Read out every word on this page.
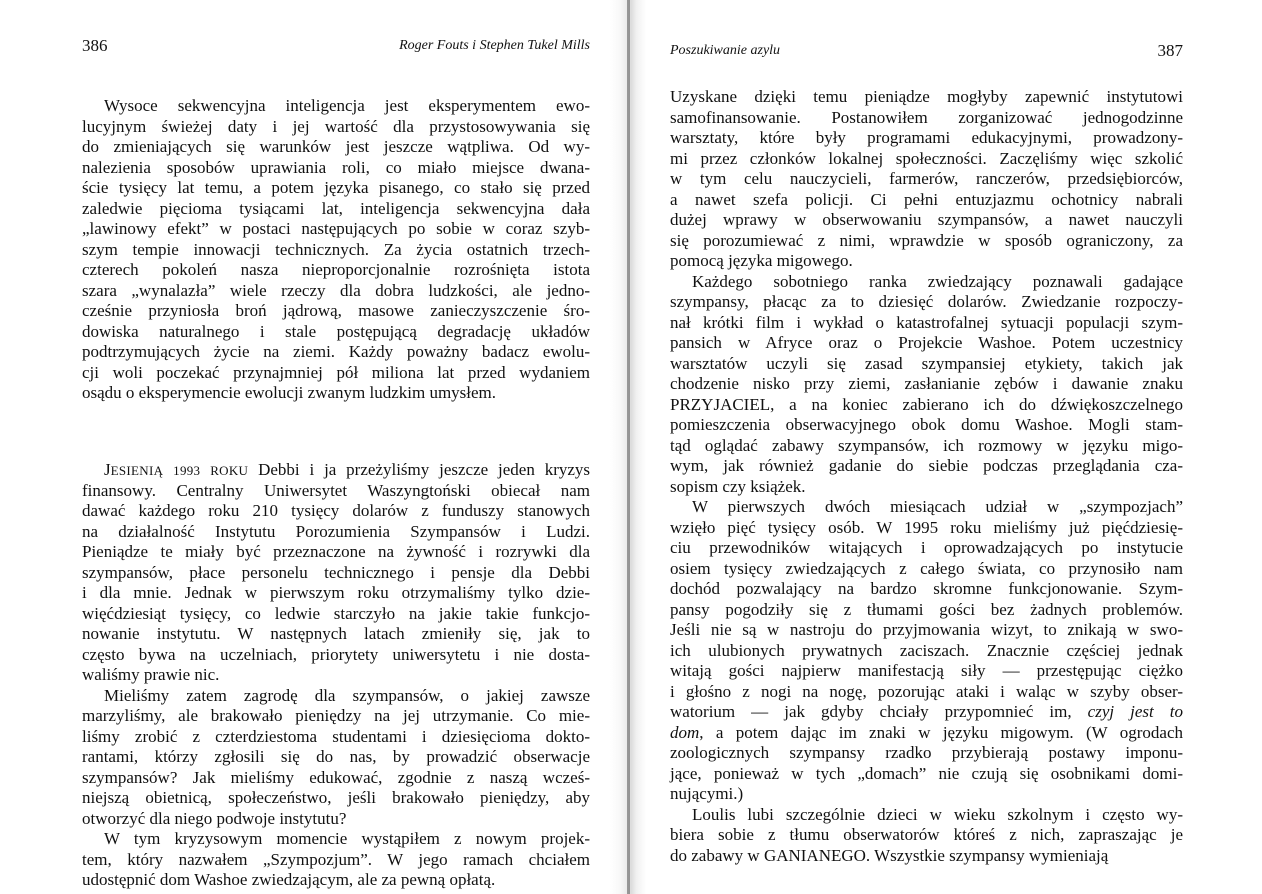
386	Roger Fouts i Stephen Tukel Mills
Wysoce sekwencyjna inteligencja jest eksperymentem ewo-
lucyjnym świeżej daty i jej wartość dla przystosowywania się
do zmieniających się warunków jest jeszcze wątpliwa. Od wy-
nalezienia sposobów uprawiania roli, co miało miejsce dwana-
ście tysięcy lat temu, a potem języka pisanego, co stało się przed
zaledwie pięcioma tysiącami lat, inteligencja sekwencyjna dała
„lawinowy efekt” w postaci następujących po sobie w coraz szyb-
szym tempie innowacji technicznych. Za życia ostatnich trzech-
czterech pokoleń nasza nieproporcjonalnie rozrośnięta istota
szara „wynalazła” wiele rzeczy dla dobra ludzkości, ale jedno-
cześnie przyniosła broń jądrową, masowe zanieczyszczenie śro-
dowiska naturalnego i stale postępującą degradację układów
podtrzymujących życie na ziemi. Każdy poważny badacz ewolu-
cji woli poczekać przynajmniej pół miliona lat przed wydaniem
osądu o eksperymencie ewolucji zwanym ludzkim umysłem.
JESIENIĄ 1993 ROKU Debbi i ja przeżyliśmy jeszcze jeden kryzys
finansowy. Centralny Uniwersytet Waszyngtoński obiecał nam
dawać każdego roku 210 tysięcy dolarów z funduszy stanowych
na działalność Instytutu Porozumienia Szympansów i Ludzi.
Pieniądze te miały być przeznaczone na żywność i rozrywki dla
szympansów, płace personelu technicznego i pensje dla Debbi
i dla mnie. Jednak w pierwszym roku otrzymaliśmy tylko dzie-
więćdziesiąt tysięcy, co ledwie starczyło na jakie takie funkcjo-
nowanie instytutu. W następnych latach zmieniły się, jak to
często bywa na uczelniach, priorytety uniwersytetu i nie dosta-
waliśmy prawie nic.
Mieliśmy zatem zagrodę dla szympansów, o jakiej zawsze
marzyliśmy, ale brakowało pieniędzy na jej utrzymanie. Co mie-
liśmy zrobić z czterdziestoma studentami i dziesięcioma dokto-
rantami, którzy zgłosili się do nas, by prowadzić obserwacje
szympansów? Jak mieliśmy edukować, zgodnie z naszą wcześ-
niejszą obietnicą, społeczeństwo, jeśli brakowało pieniędzy, aby
otworzyć dla niego podwoje instytutu?
W tym kryzysowym momencie wystąpiłem z nowym projek-
tem, który nazwałem „Szympozjum”. W jego ramach chciałem
udostępnić dom Washoe zwiedzającym, ale za pewną opłatą.
Poszukiwanie azylu	387
Uzyskane dzięki temu pieniądze mogłyby zapewnić instytutowi
samofinansowanie. Postanowiłem zorganizować jednogodzinne
warsztaty, które były programami edukacyjnymi, prowadzony-
mi przez członków lokalnej społeczności. Zaczęliśmy więc szkolić
w tym celu nauczycieli, farmerów, ranczerów, przedsiębiorców,
a nawet szefa policji. Ci pełni entuzjazmu ochotnicy nabrali
dużej wprawy w obserwowaniu szympansów, a nawet nauczyli
się porozumiewać z nimi, wprawdzie w sposób ograniczony, za
pomocą języka migowego.
Każdego sobotniego ranka zwiedzający poznawali gadające
szympansy, płacąc za to dziesięć dolarów. Zwiedzanie rozpoczy-
nał krótki film i wykład o katastrofalnej sytuacji populacji szym-
pansich w Afryce oraz o Projekcie Washoe. Potem uczestnicy
warsztatów uczyli się zasad szympansiej etykiety, takich jak
chodzenie nisko przy ziemi, zasłanianie zębów i dawanie znaku
PRZYJACIEL, a na koniec zabierano ich do dźwiękoszczelnego
pomieszczenia obserwacyjnego obok domu Washoe. Mogli stam-
tąd oglądać zabawy szympansów, ich rozmowy w języku migo-
wym, jak również gadanie do siebie podczas przeglądania cza-
sopism czy książek.
W pierwszych dwóch miesiącach udział w „szympozjach”
wzięło pięć tysięcy osób. W 1995 roku mieliśmy już pięćdziesię-
ciu przewodników witających i oprowadzających po instytucie
osiem tysięcy zwiedzających z całego świata, co przynosiło nam
dochód pozwalający na bardzo skromne funkcjonowanie. Szym-
pansy pogodziły się z tłumami gości bez żadnych problemów.
Jeśli nie są w nastroju do przyjmowania wizyt, to znikają w swo-
ich ulubionych prywatnych zaciszach. Znacznie częściej jednak
witają gości najpierw manifestacją siły — przestępując ciężko
i głośno z nogi na nogę, pozorując ataki i waląc w szyby obser-
watorium — jak gdyby chciały przypomnieć im, czyj jest to
dom, a potem dając im znaki w języku migowym. (W ogrodach
zoologicznych szympansy rzadko przybierają postawy imponu-
jące, ponieważ w tych „domach” nie czują się osobnikami domi-
nującymi.)
Loulis lubi szczególnie dzieci w wieku szkolnym i często wy-
biera sobie z tłumu obserwatorów któreś z nich, zapraszając je
do zabawy w GANIANEGO. Wszystkie szympansy wymieniają
